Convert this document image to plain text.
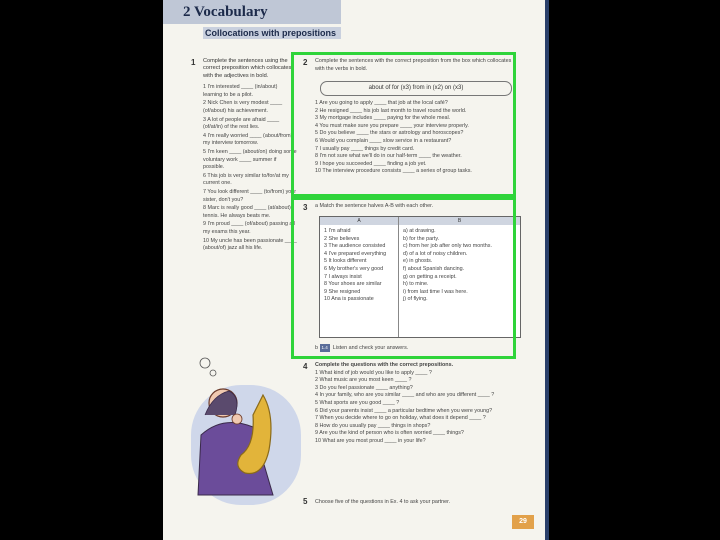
2 Vocabulary
Collocations with prepositions
1 Complete the sentences using the correct preposition which collocates with the adjectives in bold.
1 I'm interested ____ (in/about) learning to be a pilot.
2 Nick Chen is very modest ____ (of/about) his achievement.
3 A lot of people are afraid ____ (of/at/in) of the rest lies.
4 I'm really worried ____ (about/from) my interview tomorrow.
5 I'm keen ____ (about/on) doing some voluntary work ____ summer if possible.
6 This job is very similar to/for/at my current one.
7 You look different ____ (to/from) your sister, don't you?
8 Marc is really good ____ (at/about) tennis. He always beats me.
9 I'm proud ____ (of/about) passing all my exams this year.
10 My uncle has been passionate ____ (about/of) jazz all his life.
2 Complete the sentences with the correct preposition from the box which collocates with the verbs in bold.
about of for (x3) from in (x2) on (x3)
1 Are you going to apply ____ that job at the local café?
2 He resigned ____ his job last month to travel round the world.
3 My mortgage includes ____ paying for the whole meal.
4 You must make sure you prepare ____ your interview properly.
5 Do you believe ____ the stars or astrology and horoscopes?
6 Would you complain ____ slow service in a restaurant?
7 I usually pay ____ things by credit card.
8 I'm not sure what we'll do in our half-term ____ the weather.
9 I hope you succeeded ____ finding a job yet.
10 The interview procedure consists ____ a series of group tasks.
3 a Match the sentence halves A-B with each other.
A	B
1 I'm afraid
2 She believes
3 The audience consisted
4 I've prepared everything
5 It looks different
6 My brother's very good
7 I always insist
8 Your shoes are similar
9 She resigned
10 Ana is passionate
a) at drawing.
b) for the party.
c) from her job after only two months.
d) of a lot of noisy children.
e) in ghosts.
f) about Spanish dancing.
g) on getting a receipt.
h) to mine.
i) from last time I was here.
j) of flying.
b 1.4 Listen and check your answers.
4 Complete the questions with the correct prepositions.
1 What kind of job would you like to apply ____ ?
2 What music are you most keen ____ ?
3 Do you feel passionate ____ anything?
4 In your family, who are you similar ____ and who are you different ____ ?
5 What sports are you good ____ ?
6 Did your parents insist ____ a particular bedtime when you were young?
7 When you decide where to go on holiday, what does it depend ____ ?
8 How do you usually pay ____ things in shops?
9 Are you the kind of person who is often worried ____ things?
10 What are you most proud ____ in your life?
5 Choose five of the questions in Ex. 4 to ask your partner.
29
